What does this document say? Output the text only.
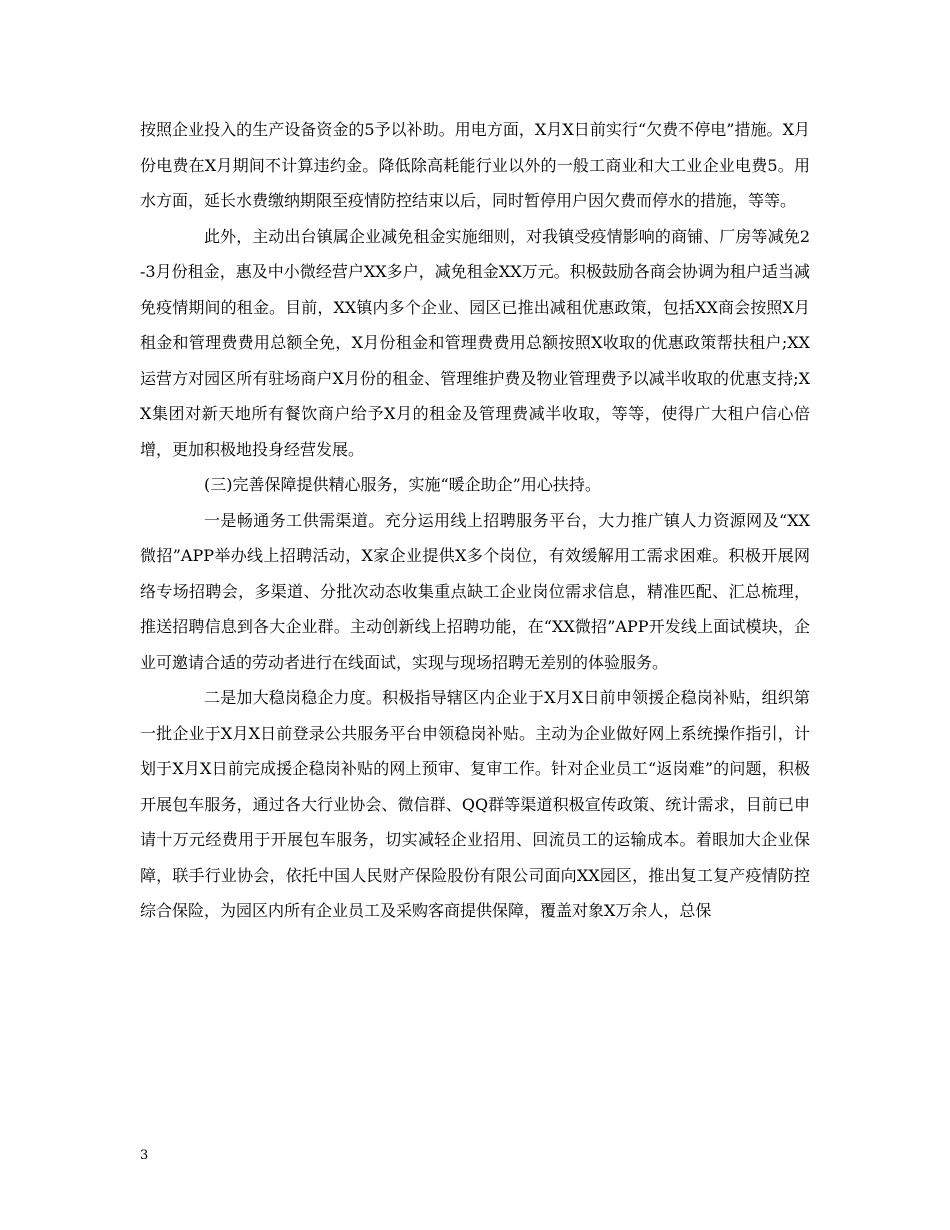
按照企业投入的生产设备资金的5予以补助。用电方面，X月X日前实行“欠费不停电”措施。X月份电费在X月期间不计算违约金。降低除高耗能行业以外的一般工商业和大工业企业电费5。用水方面，延长水费缴纳期限至疫情防控结束以后，同时暂停用户因欠费而停水的措施，等等。

此外，主动出台镇属企业减免租金实施细则，对我镇受疫情影响的商铺、厂房等减免2-3月份租金，惠及中小微经营户XX多户，减免租金XX万元。积极鼓励各商会协调为租户适当减免疫情期间的租金。目前，XX镇内多个企业、园区已推出减租优惠政策，包括XX商会按照X月租金和管理费费用总额全免，X月份租金和管理费费用总额按照X收取的优惠政策帮扶租户;XX运营方对园区所有驻场商户X月份的租金、管理维护费及物业管理费予以减半收取的优惠支持;XX集团对新天地所有餐饮商户给予X月的租金及管理费减半收取，等等，使得广大租户信心倍增，更加积极地投身经营发展。

(三)完善保障提供精心服务，实施“暖企助企”用心扶持。

一是畅通务工供需渠道。充分运用线上招聘服务平台，大力推广镇人力资源网及“XX微招”APP举办线上招聘活动，X家企业提供X多个岗位，有效缓解用工需求困难。积极开展网络专场招聘会，多渠道、分批次动态收集重点缺工企业岗位需求信息，精准匹配、汇总梳理，推送招聘信息到各大企业群。主动创新线上招聘功能，在“XX微招”APP开发线上面试模块，企业可邀请合适的劳动者进行在线面试，实现与现场招聘无差别的体验服务。

二是加大稳岗稳企力度。积极指导辖区内企业于X月X日前申领援企稳岗补贴，组织第一批企业于X月X日前登录公共服务平台申领稳岗补贴。主动为企业做好网上系统操作指引，计划于X月X日前完成援企稳岗补贴的网上预审、复审工作。针对企业员工“返岗难”的问题，积极开展包车服务，通过各大行业协会、微信群、QQ群等渠道积极宣传政策、统计需求，目前已申请十万元经费用于开展包车服务，切实减轻企业招用、回流员工的运输成本。着眼加大企业保障，联手行业协会，依托中国人民财产保险股份有限公司面向XX园区，推出复工复产疫情防控综合保险，为园区内所有企业员工及采购客商提供保障，覆盖对象X万余人，总保

3
